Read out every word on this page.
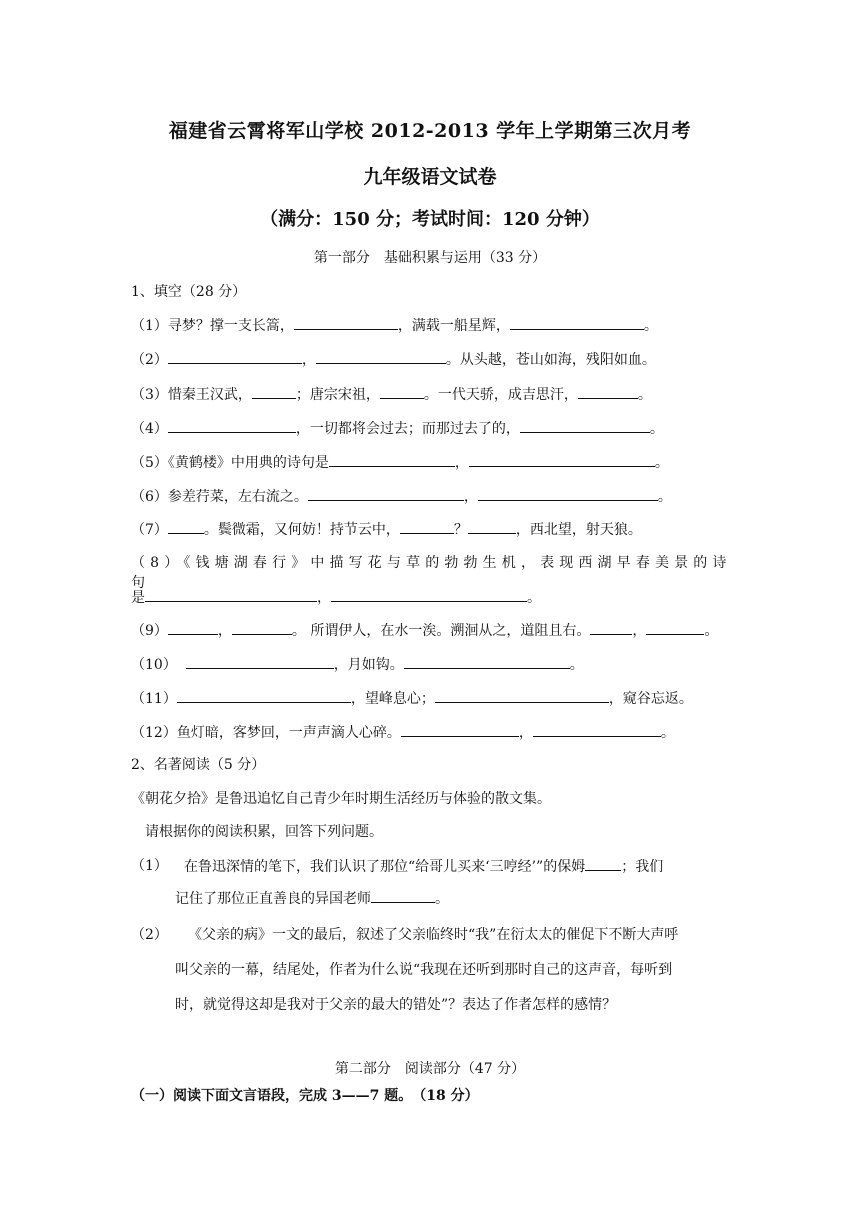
福建省云霄将军山学校 2012-2013 学年上学期第三次月考
九年级语文试卷
（满分：150 分；考试时间：120 分钟）
第一部分　基础积累与运用（33 分）
1、填空（28 分）
（1）寻梦？撑一支长篙，	，满载一船星辉，	。
（2）	，	。从头越，苍山如海，残阳如血。
（3）惜秦王汉武，	；唐宗宋祖，	。一代天骄，成吉思汗，	。
（4）	，一切都将会过去；而那过去了的，	。
（5）《黄鹤楼》中用典的诗句是	，	。
（6）参差荇菜，左右流之。	，	。
（7）	。鬓微霜，又何妨！持节云中，	？	，西北望，射天狼。
（8）《钱塘湖春行》中描写花与草的勃勃生机，表现西湖早春美景的诗句
是	，	。
（9）	，	。 所谓伊人，在水一涘。溯洄从之，道阻且右。	，	。
（10）	，月如钩。	。
（11）	，望峰息心；	，窥谷忘返。
（12）鱼灯暗，客梦回，一声声滴人心碎。	，	。
2、名著阅读（5 分）
《朝花夕拾》是鲁迅追忆自己青少年时期生活经历与体验的散文集。
请根据你的阅读积累，回答下列问题。
（1）	在鲁迅深情的笔下，我们认识了那位“给哥儿买来‘三哼经’”的保姆	；我们
记住了那位正直善良的异国老师	。
（2）	《父亲的病》一文的最后，叙述了父亲临终时“我”在衍太太的催促下不断大声呼
叫父亲的一幕，结尾处，作者为什么说“我现在还听到那时自己的这声音，每听到
时，就觉得这却是我对于父亲的最大的错处”？表达了作者怎样的感情？
第二部分　阅读部分（47 分）
（一）阅读下面文言语段，完成 3——7 题。　（18 分）
